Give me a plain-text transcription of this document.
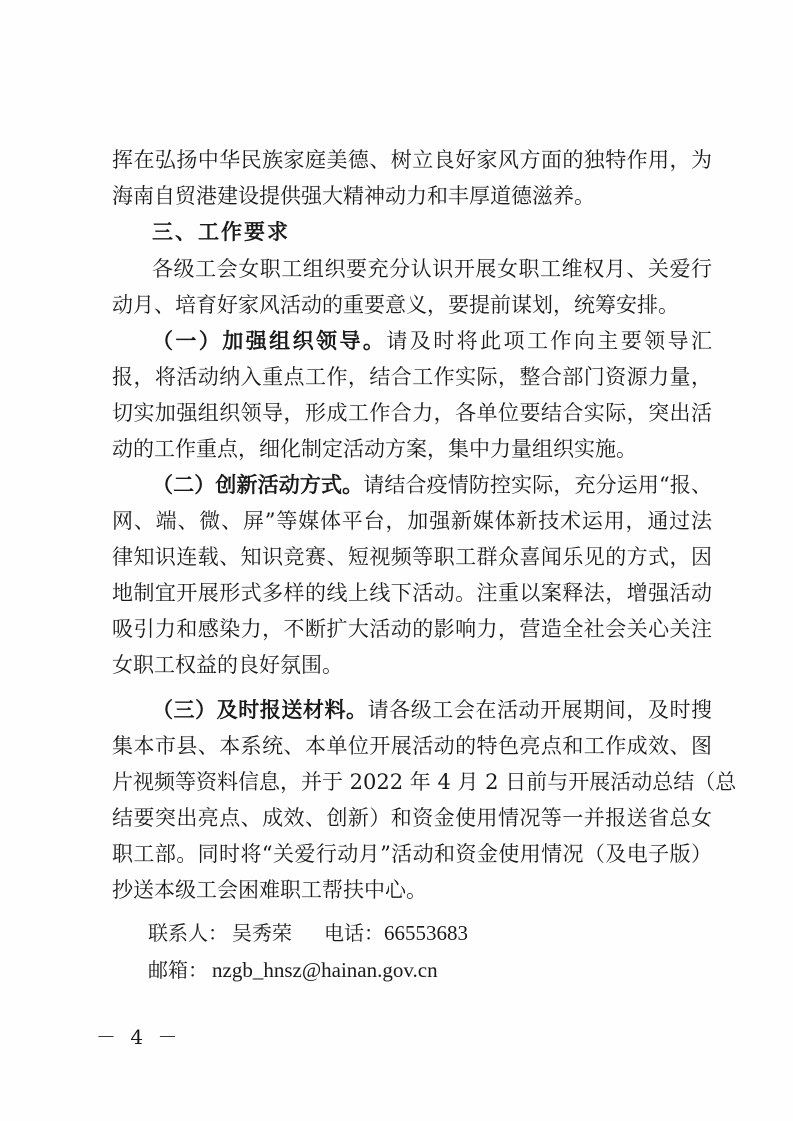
挥在弘扬中华民族家庭美德、树立良好家风方面的独特作用，为
海南自贸港建设提供强大精神动力和丰厚道德滋养。
三、工作要求
各级工会女职工组织要充分认识开展女职工维权月、关爱行
动月、培育好家风活动的重要意义，要提前谋划，统筹安排。
（一）加强组织领导。请及时将此项工作向主要领导汇
报，将活动纳入重点工作，结合工作实际，整合部门资源力量，
切实加强组织领导，形成工作合力，各单位要结合实际，突出活
动的工作重点，细化制定活动方案，集中力量组织实施。
（二）创新活动方式。请结合疫情防控实际，充分运用“报、
网、端、微、屏”等媒体平台，加强新媒体新技术运用，通过法
律知识连载、知识竞赛、短视频等职工群众喜闻乐见的方式，因
地制宜开展形式多样的线上线下活动。注重以案释法，增强活动
吸引力和感染力，不断扩大活动的影响力，营造全社会关心关注
女职工权益的良好氛围。
（三）及时报送材料。请各级工会在活动开展期间，及时搜
集本市县、本系统、本单位开展活动的特色亮点和工作成效、图
片视频等资料信息，并于 2022 年 4 月 2 日前与开展活动总结（总
结要突出亮点、成效、创新）和资金使用情况等一并报送省总女
职工部。同时将“关爱行动月”活动和资金使用情况（及电子版）
抄送本级工会困难职工帮扶中心。
联系人： 吴秀荣 电话：66553683
邮箱： nzgb_hnsz@hainan.gov.cn
－ 4 －
